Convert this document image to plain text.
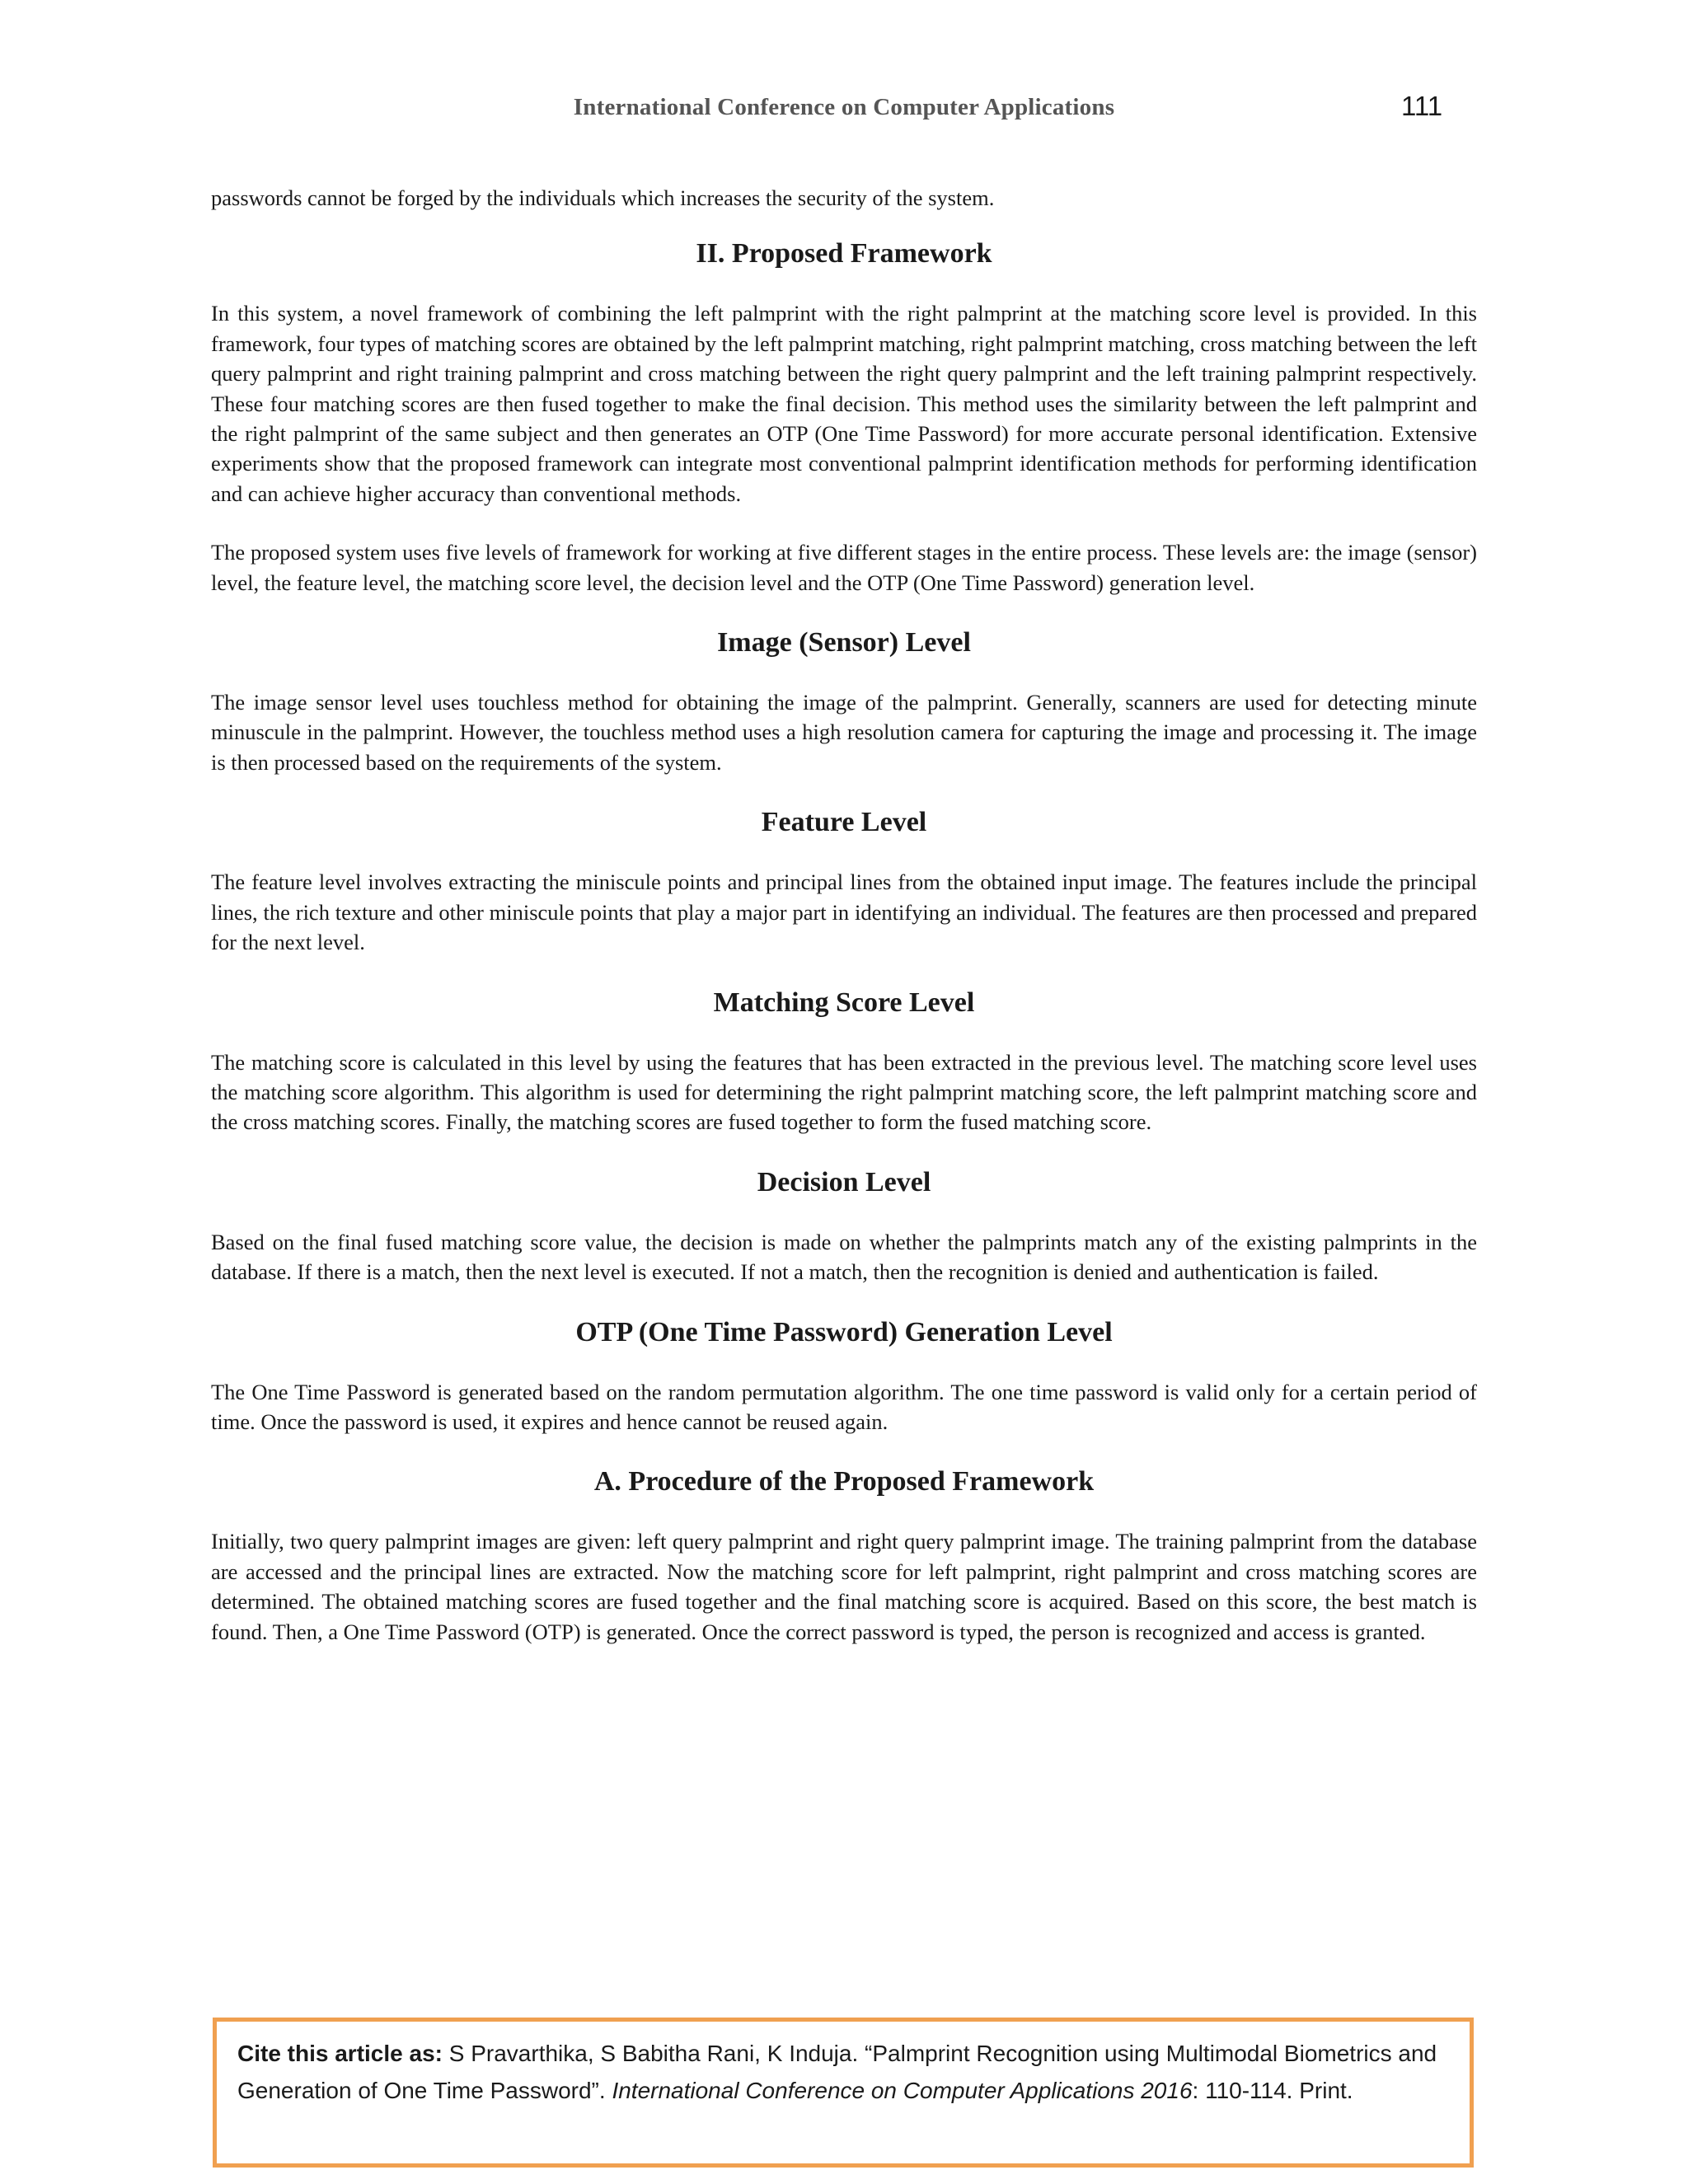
International Conference on Computer Applications	111

passwords cannot be forged by the individuals which increases the security of the system.

II. Proposed Framework

In this system, a novel framework of combining the left palmprint with the right palmprint at the matching score level is provided. In this framework, four types of matching scores are obtained by the left palmprint matching, right palmprint matching, cross matching between the left query palmprint and right training palmprint and cross matching between the right query palmprint and the left training palmprint respectively. These four matching scores are then fused together to make the final decision. This method uses the similarity between the left palmprint and the right palmprint of the same subject and then generates an OTP (One Time Password) for more accurate personal identification. Extensive experiments show that the proposed framework can integrate most conventional palmprint identification methods for performing identification and can achieve higher accuracy than conventional methods.

The proposed system uses five levels of framework for working at five different stages in the entire process. These levels are: the image (sensor) level, the feature level, the matching score level, the decision level and the OTP (One Time Password) generation level.

Image (Sensor) Level

The image sensor level uses touchless method for obtaining the image of the palmprint. Generally, scanners are used for detecting minute minuscule in the palmprint. However, the touchless method uses a high resolution camera for capturing the image and processing it. The image is then processed based on the requirements of the system.

Feature Level

The feature level involves extracting the miniscule points and principal lines from the obtained input image. The features include the principal lines, the rich texture and other miniscule points that play a major part in identifying an individual. The features are then processed and prepared for the next level.

Matching Score Level

The matching score is calculated in this level by using the features that has been extracted in the previous level. The matching score level uses the matching score algorithm. This algorithm is used for determining the right palmprint matching score, the left palmprint matching score and the cross matching scores. Finally, the matching scores are fused together to form the fused matching score.

Decision Level

Based on the final fused matching score value, the decision is made on whether the palmprints match any of the existing palmprints in the database. If there is a match, then the next level is executed. If not a match, then the recognition is denied and authentication is failed.

OTP (One Time Password) Generation Level

The One Time Password is generated based on the random permutation algorithm. The one time password is valid only for a certain period of time. Once the password is used, it expires and hence cannot be reused again.

A. Procedure of the Proposed Framework

Initially, two query palmprint images are given: left query palmprint and right query palmprint image. The training palmprint from the database are accessed and the principal lines are extracted. Now the matching score for left palmprint, right palmprint and cross matching scores are determined. The obtained matching scores are fused together and the final matching score is acquired. Based on this score, the best match is found. Then, a One Time Password (OTP) is generated. Once the correct password is typed, the person is recognized and access is granted.

Cite this article as: S Pravarthika, S Babitha Rani, K Induja. “Palmprint Recognition using Multimodal Biometrics and Generation of One Time Password”. International Conference on Computer Applications 2016: 110-114. Print.
